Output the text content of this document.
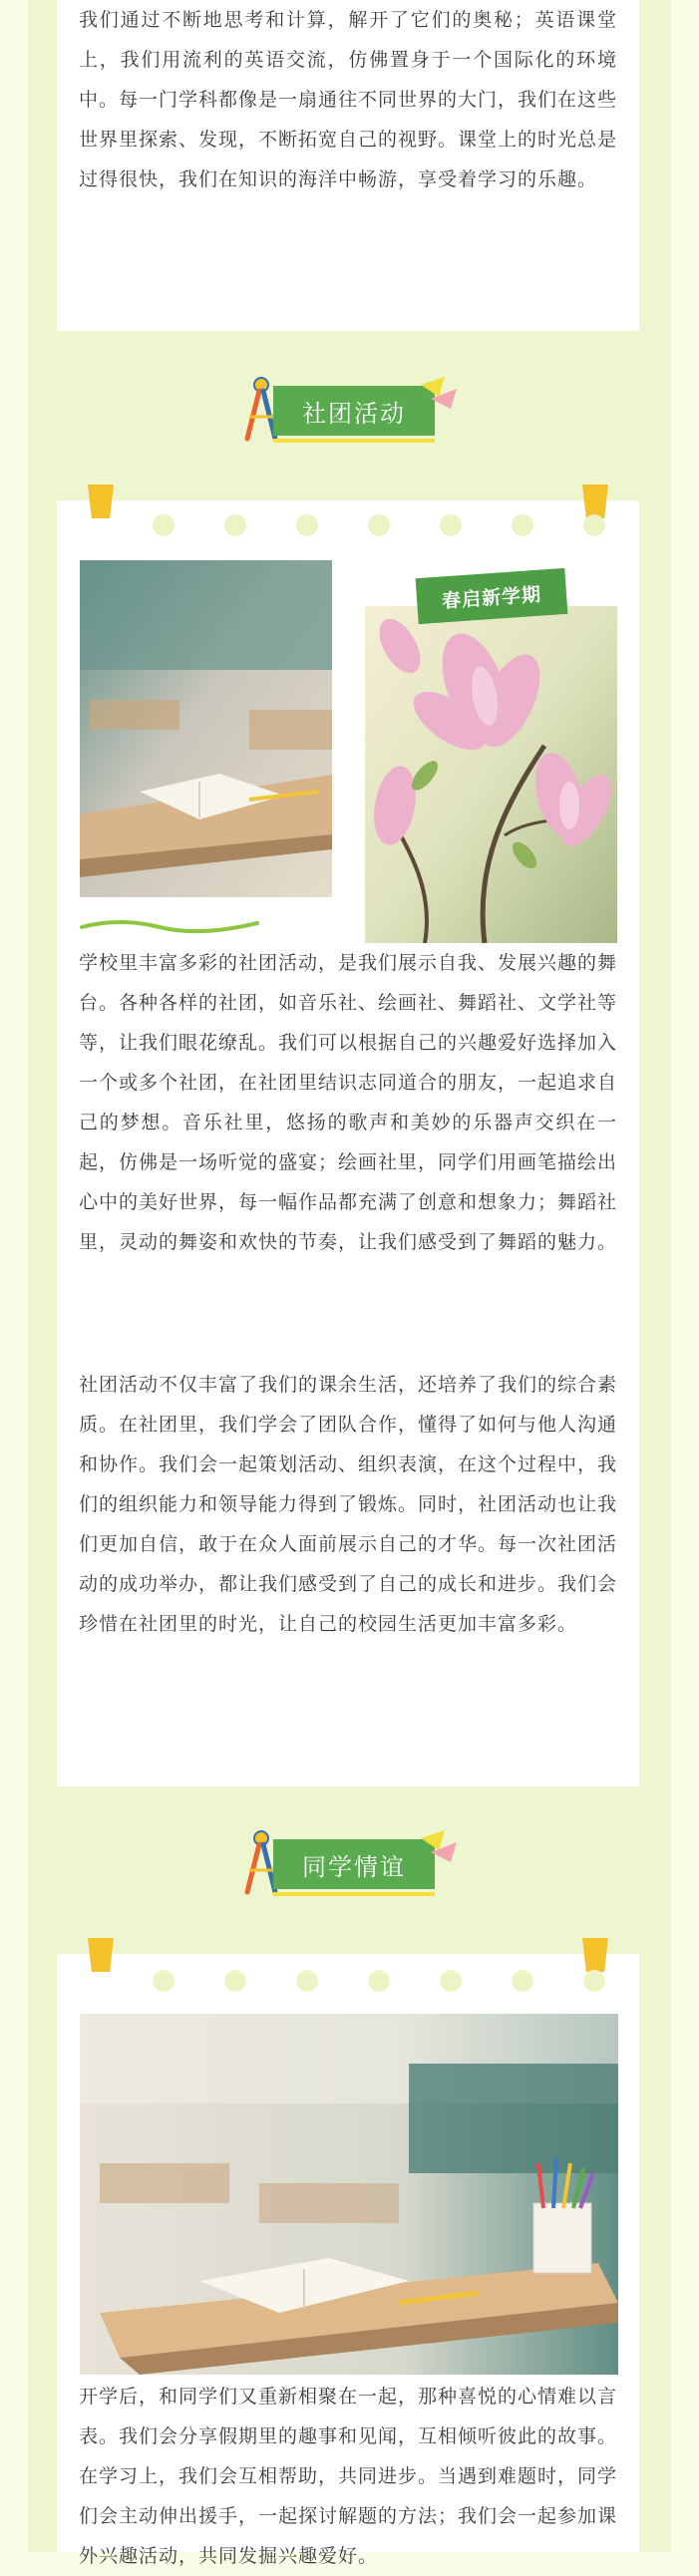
我们通过不断地思考和计算，解开了它们的奥秘；英语课堂上，我们用流利的英语交流，仿佛置身于一个国际化的环境中。每一门学科都像是一扇通往不同世界的大门，我们在这些世界里探索、发现，不断拓宽自己的视野。课堂上的时光总是过得很快，我们在知识的海洋中畅游，享受着学习的乐趣。
社团活动
春启新学期
学校里丰富多彩的社团活动，是我们展示自我、发展兴趣的舞台。各种各样的社团，如音乐社、绘画社、舞蹈社、文学社等等，让我们眼花缭乱。我们可以根据自己的兴趣爱好选择加入一个或多个社团，在社团里结识志同道合的朋友，一起追求自己的梦想。音乐社里，悠扬的歌声和美妙的乐器声交织在一起，仿佛是一场听觉的盛宴；绘画社里，同学们用画笔描绘出心中的美好世界，每一幅作品都充满了创意和想象力；舞蹈社里，灵动的舞姿和欢快的节奏，让我们感受到了舞蹈的魅力。
社团活动不仅丰富了我们的课余生活，还培养了我们的综合素质。在社团里，我们学会了团队合作，懂得了如何与他人沟通和协作。我们会一起策划活动、组织表演，在这个过程中，我们的组织能力和领导能力得到了锻炼。同时，社团活动也让我们更加自信，敢于在众人面前展示自己的才华。每一次社团活动的成功举办，都让我们感受到了自己的成长和进步。我们会珍惜在社团里的时光，让自己的校园生活更加丰富多彩。
同学情谊
开学后，和同学们又重新相聚在一起，那种喜悦的心情难以言表。我们会分享假期里的趣事和见闻，互相倾听彼此的故事。在学习上，我们会互相帮助，共同进步。当遇到难题时，同学们会主动伸出援手，一起探讨解题的方法；我们会一起参加课外兴趣活动，共同发掘兴趣爱好。
